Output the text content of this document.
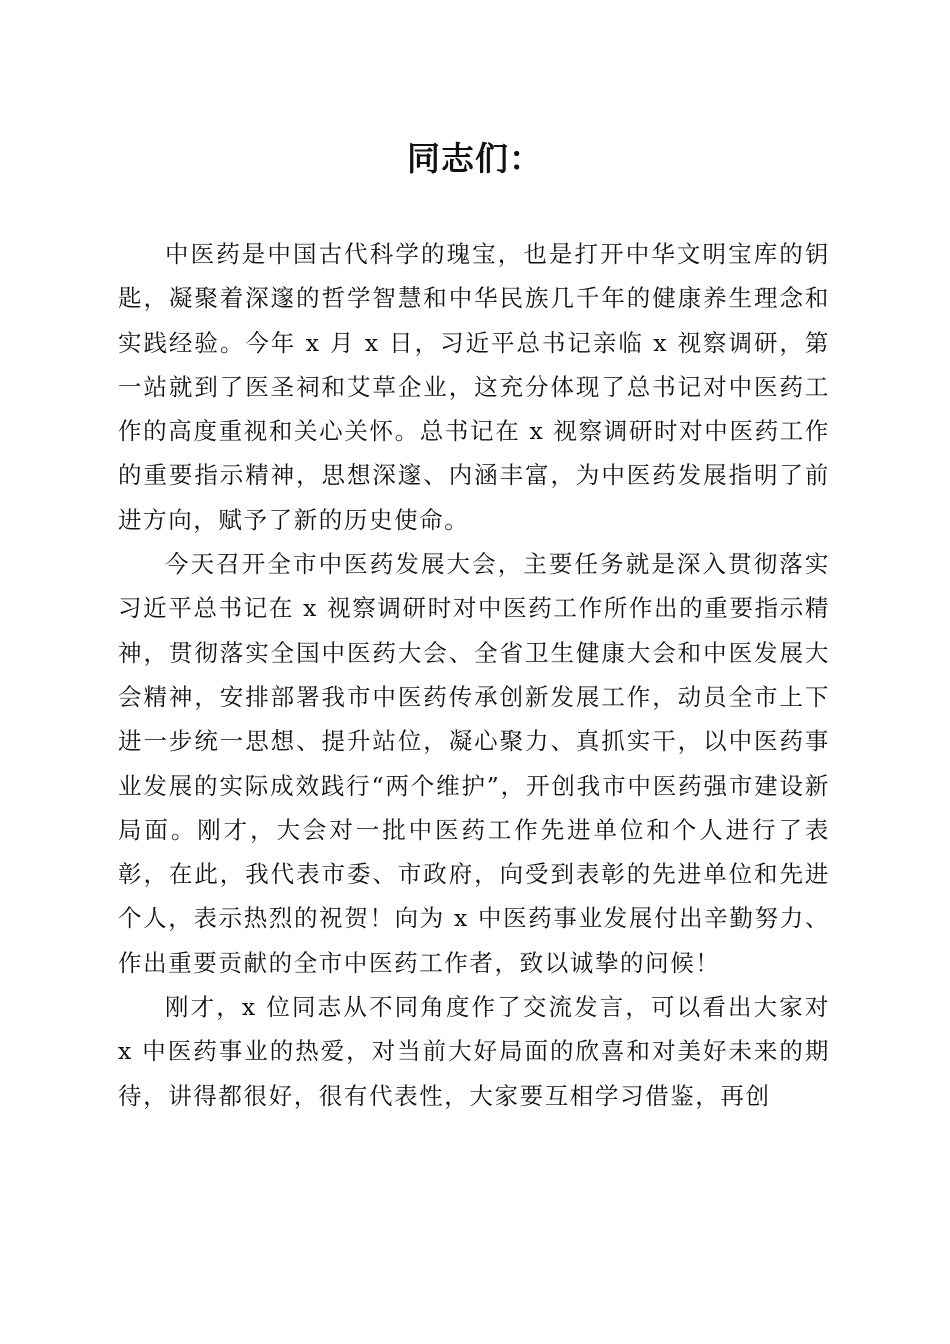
同志们：

中医药是中国古代科学的瑰宝，也是打开中华文明宝库的钥匙，凝聚着深邃的哲学智慧和中华民族几千年的健康养生理念和实践经验。今年 x 月 x 日，习近平总书记亲临 x 视察调研，第一站就到了医圣祠和艾草企业，这充分体现了总书记对中医药工作的高度重视和关心关怀。总书记在 x 视察调研时对中医药工作的重要指示精神，思想深邃、内涵丰富，为中医药发展指明了前进方向，赋予了新的历史使命。

今天召开全市中医药发展大会，主要任务就是深入贯彻落实习近平总书记在 x 视察调研时对中医药工作所作出的重要指示精神，贯彻落实全国中医药大会、全省卫生健康大会和中医发展大会精神，安排部署我市中医药传承创新发展工作，动员全市上下进一步统一思想、提升站位，凝心聚力、真抓实干，以中医药事业发展的实际成效践行“两个维护”，开创我市中医药强市建设新局面。刚才，大会对一批中医药工作先进单位和个人进行了表彰，在此，我代表市委、市政府，向受到表彰的先进单位和先进个人，表示热烈的祝贺！向为 x 中医药事业发展付出辛勤努力、作出重要贡献的全市中医药工作者，致以诚挚的问候！

刚才，x 位同志从不同角度作了交流发言，可以看出大家对 x 中医药事业的热爱，对当前大好局面的欣喜和对美好未来的期待，讲得都很好，很有代表性，大家要互相学习借鉴，再创
